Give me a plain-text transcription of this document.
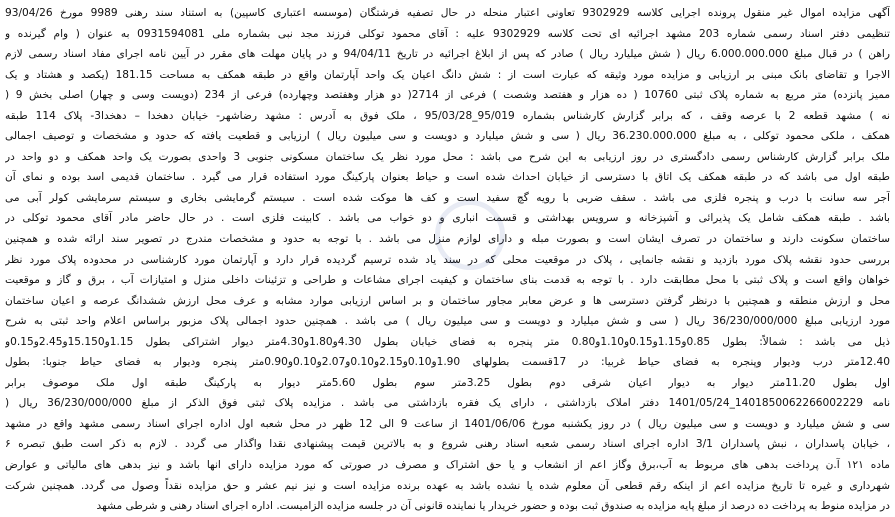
آگهی مزایده اموال غیر منقول پرونده اجرایی کلاسه 9302929 تعاونی اعتبار منحله در حال تصفیه فرشتگان (موسسه اعتباری کاسپین) به استناد سند رهنی 9989 مورخ 93/04/26
تنظیمی دفتر اسناد رسمی شماره 203 مشهد اجرائیه ای تحت کلاسه 9302929 علیه : آقای محمود توکلی فرزند مجد نبی بشماره ملی 0931594081 به عنوان ( وام گیرنده و
راهن ) در قبال مبلغ 6.000.000.000 ریال ( شش میلیارد ریال ) صادر که پس از ابلاغ اجرائیه در تاریخ 94/04/11 و در پایان مهلت های مقرر در آیین نامه اجرای مفاد اسناد رسمی لازم
الاجرا و تقاضای بانک مبنی بر ارزیابی و مزایده مورد وثیقه که عبارت است از : شش دانگ اعیان یک واحد آپارتمان واقع در طبقه همکف به مساحت 181.15 (یکصد و هشتاد و یک
ممیز پانزده) متر مربع به شماره پلاک ثبتی 10760 ( ده هزار و هفتصد وشصت ) فرعی از 2714( دو هزار وهفتصد وچهارده) فرعی از 234 (دویست وسی و چهار) اصلی بخش 9 (
نه ) مشهد قطعه 2 با عرصه وقف ، که برابر گزارش کارشناس بشماره 95/019_95/03/28 ، ملک فوق به آدرس : مشهد رضاشهر- خیابان دهخدا – دهخدا3- پلاک 114 طبقه
همکف ، ملکی محمود توکلی ، به مبلغ 36.230.000.000 ریال ( سی و شش میلیارد و دویست و سی میلیون ریال ) ارزیابی و قطعیت یافته که حدود و مشخصات و توصیف اجمالی
ملک برابر گزارش کارشناس رسمی دادگستری در روز ارزیابی به این شرح می باشد : محل مورد نظر یک ساختمان مسکونی جنوبی 3 واحدی بصورت یک واحد همکف و دو واحد در
طبقه اول می باشد که در طبقه همکف یک اتاق با دسترسی از خیابان احداث شده است و حیاط بعنوان پارکینگ مورد استفاده قرار می گیرد . ساختمان قدیمی اسد بوده و نمای آن
آجر سه سانت با درب و پنجره فلزی می باشد . سقف ضربی با رویه گچ سفید است و کف ها موکت شده است . سیستم گرمایشی بخاری و سیستم سرمایشی کولر آبی می
باشد . طبقه همکف شامل یک پذیرائی و آشپزخانه و سرویس بهداشتی و قسمت انباری و دو خواب می باشد . کابینت فلزی است . در حال حاضر مادر آقای محمود توکلی در
ساختمان سکونت دارند و ساختمان در تصرف ایشان است و بصورت مبله و دارای لوازم منزل می باشد . با توجه به حدود و مشخصات مندرج در تصویر سند ارائه شده و همچنین
بررسی حدود نقشه پلاک مورد بازدید و نقشه جانمایی ، پلاک در موقعیت محلی که در سند یاد شده ترسیم گردیده قرار دارد و آپارتمان مورد کارشناسی در محدوده پلاک مورد نظر
خواهان واقع است و پلاک ثبتی با محل مطابقت دارد . با توجه به قدمت بنای ساختمان و کیفیت اجرای مشاعات و طراحی و تزئینات داخلی منزل و امتیازات آب ، برق و گاز و موقعیت
محل و ارزش منطقه و همچنین با درنظر گرفتن دسترسی ها و عرض معابر مجاور ساختمان و بر اساس ارزیابی موارد مشابه و عرف محل ارزش ششدانگ عرصه و اعیان ساختمان
مورد ارزیابی مبلغ 36/230/000/000 ریال ( سی و شش میلیارد و دویست و سی میلیون ریال ) می باشد . همچنین حدود اجمالی پلاک مزبور براساس اعلام واحد ثبتی به شرح
ذیل می باشد : شمالاً: بطول 0.85و1.15و0.15و1.10و0.80 متر پنجره به فضای خیابان بطول 4.30و1.80و4.30متر دیوار اشتراکی بطول 1.15و15.150و2.45و0.15و
12.40متر درب ودیوار وپنجره به فضای حیاط غربیا: در 17قسمت بطولهای 1.90و0.10و2.15و0.10و2.07و0.10و0.90متر پنجره ودیوار به فضای حیاط جنوبا: بطول
اول بطول 11.20متر دیوار به دیوار اعیان شرقی دوم بطول 3.25متر سوم بطول 5.60متر دیوار به پارکینگ طبقه اول ملک موصوف برابر
نامه 1401850062266002229_1401/05/24 دفتر املاک بازداشتی ، دارای یک فقره بازداشتی می باشد . مزایده پلاک ثبتی فوق الذکر از مبلغ 36/230/000/000 ریال (
سی و شش میلیارد و دویست و سی میلیون ریال ) در روز یکشنبه مورخ 1401/06/06 از ساعت 9 الی 12 ظهر در محل شعبه اول اداره اجرای اسناد رسمی مشهد واقع در مشهد
، خیابان پاسداران ، نبش پاسداران 3/1 اداره اجرای اسناد رسمی شعبه اسناد رهنی شروع و به بالاترین قیمت پیشنهادی نقدا واگذار می گردد . لازم به ذکر است طبق تبصره ۶
ماده ۱۲۱ آ.ن پرداخت بدهی های مربوط به آب،برق وگاز اعم از انشعاب و یا حق اشتراک و مصرف در صورتی که مورد مزایده دارای انها باشد و نیز بدهی های مالیاتی و عوارض
شهرداری و غیره تا تاریخ مزایده اعم از اینکه رقم قطعی آن معلوم شده یا نشده باشد به عهده برنده مزایده است و نیز نیم عشر و حق مزایده نقداً وصول می گردد. همچنین شرکت
در مزایده منوط به پرداخت ده درصد از مبلغ پایه مزایده به صندوق ثبت بوده و حضور خریدار یا نماینده قانونی آن در جلسه مزایده الزامیست. اداره اجرای اسناد رهنی و شرطی مشهد
